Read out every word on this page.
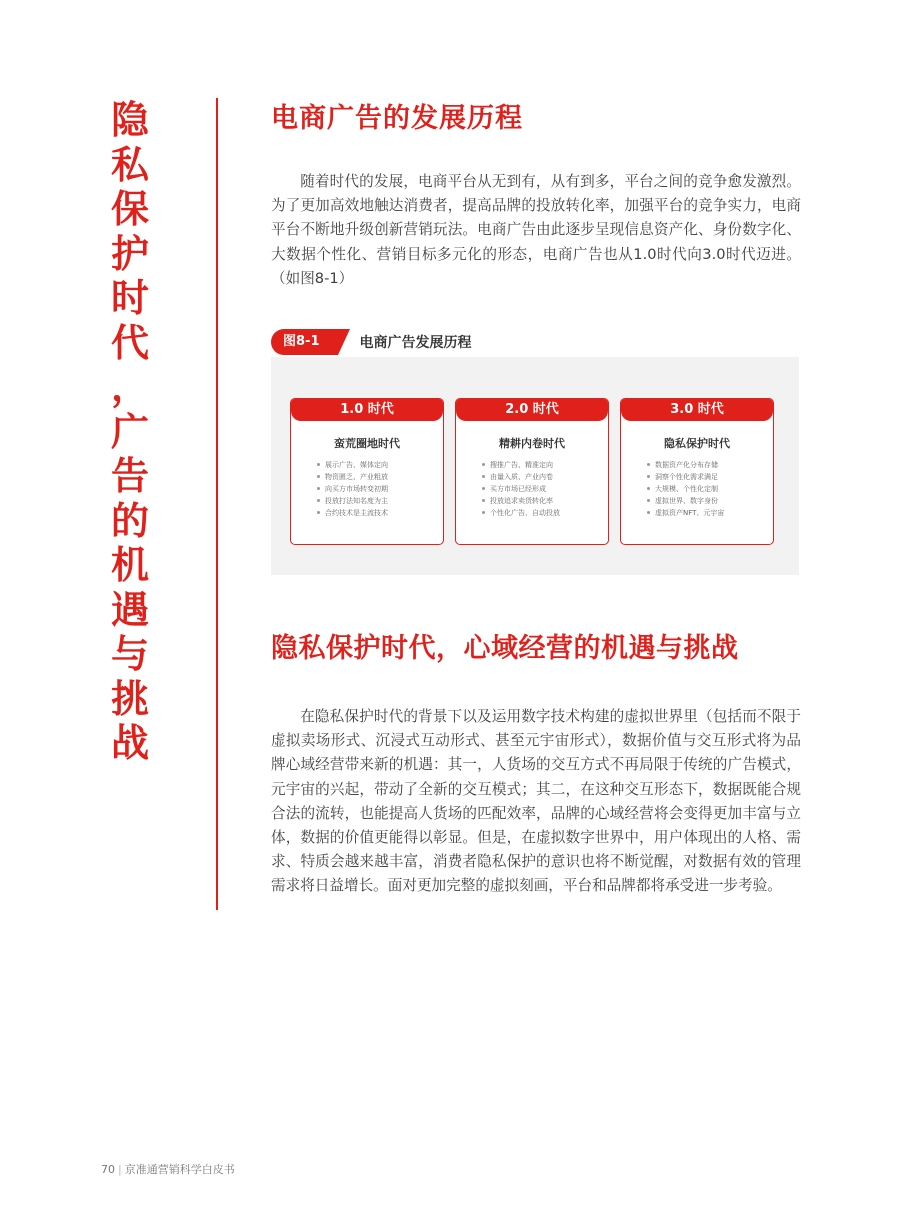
隐
私
保
护
时
代
，
广
告
的
机
遇
与
挑
战
电商广告的发展历程

随着时代的发展，电商平台从无到有，从有到多，平台之间的竞争愈发激烈。为了更加高效地触达消费者，提高品牌的投放转化率，加强平台的竞争实力，电商平台不断地升级创新营销玩法。电商广告由此逐步呈现信息资产化、身份数字化、大数据个性化、营销目标多元化的形态，电商广告也从1.0时代向3.0时代迈进。（如图8-1）

图8-1	电商广告发展历程
1.0 时代
蛮荒圈地时代
展示广告、媒体定向
物资匮乏、产业粗放
向买方市场转变初期
投放打法知名度为主
合约技术是主流技术
2.0 时代
精耕内卷时代
搜推广告、精准定向
由量入质、产业内卷
买方市场已经形成
投放追求卖货转化率
个性化广告、自动投放
3.0 时代
隐私保护时代
数据资产化分布存储
洞察个性化需求满足
大规模、个性化定制
虚拟世界、数字身份
虚拟资产NFT、元宇宙
隐私保护时代，心域经营的机遇与挑战

在隐私保护时代的背景下以及运用数字技术构建的虚拟世界里（包括而不限于虚拟卖场形式、沉浸式互动形式、甚至元宇宙形式），数据价值与交互形式将为品牌心域经营带来新的机遇：其一，人货场的交互方式不再局限于传统的广告模式，元宇宙的兴起，带动了全新的交互模式；其二，在这种交互形态下，数据既能合规合法的流转，也能提高人货场的匹配效率，品牌的心域经营将会变得更加丰富与立体，数据的价值更能得以彰显。但是，在虚拟数字世界中，用户体现出的人格、需求、特质会越来越丰富，消费者隐私保护的意识也将不断觉醒，对数据有效的管理需求将日益增长。面对更加完整的虚拟刻画，平台和品牌都将承受进一步考验。

70 | 京准通营销科学白皮书
